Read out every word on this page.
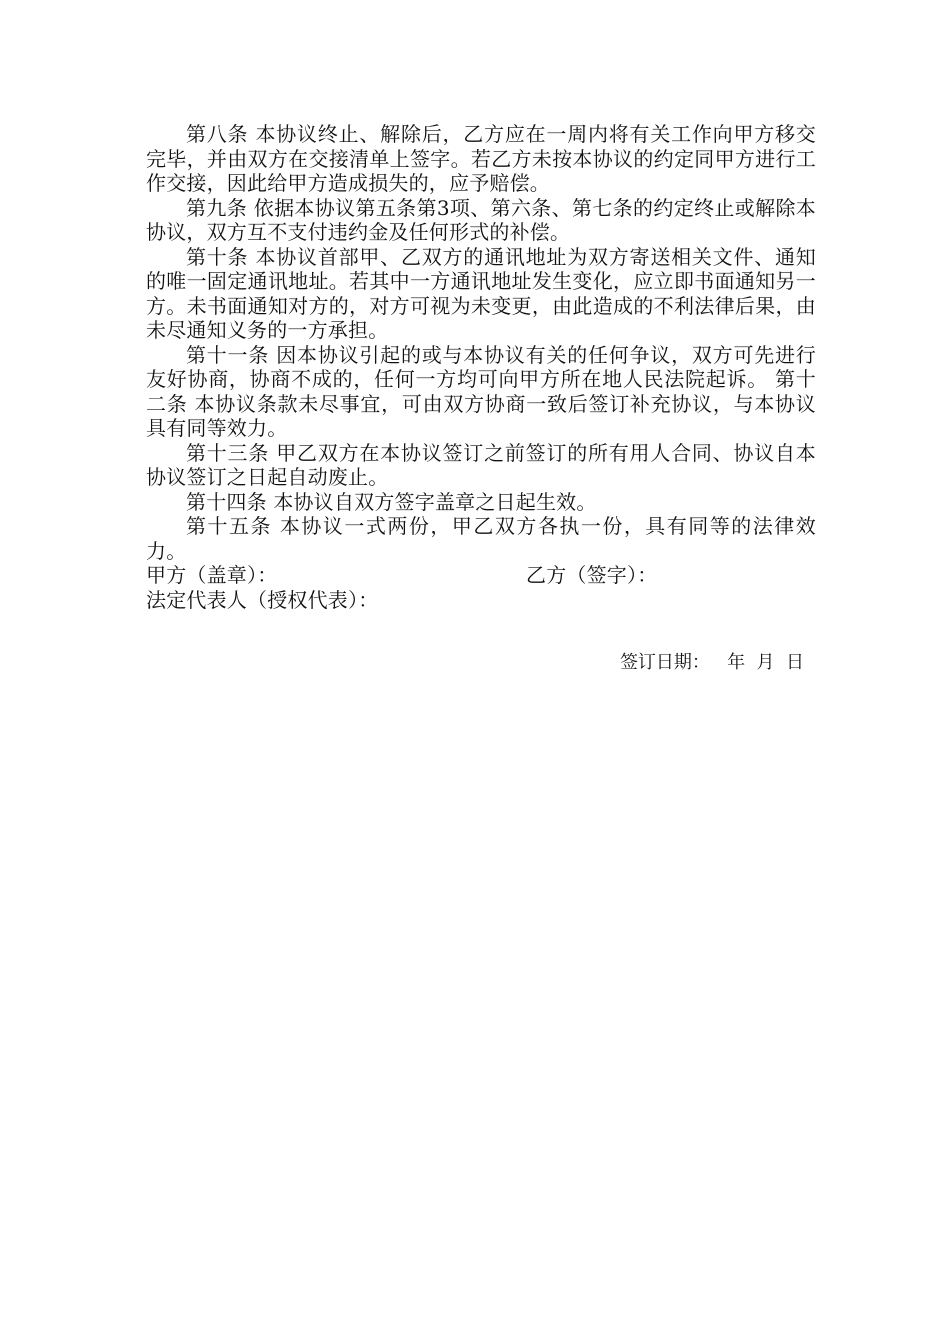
第八条 本协议终止、解除后，乙方应在一周内将有关工作向甲方移交完毕，并由双方在交接清单上签字。若乙方未按本协议的约定同甲方进行工作交接，因此给甲方造成损失的，应予赔偿。

第九条 依据本协议第五条第3项、第六条、第七条的约定终止或解除本协议，双方互不支付违约金及任何形式的补偿。

第十条 本协议首部甲、乙双方的通讯地址为双方寄送相关文件、通知的唯一固定通讯地址。若其中一方通讯地址发生变化，应立即书面通知另一方。未书面通知对方的，对方可视为未变更，由此造成的不利法律后果，由未尽通知义务的一方承担。

第十一条 因本协议引起的或与本协议有关的任何争议，双方可先进行友好协商，协商不成的，任何一方均可向甲方所在地人民法院起诉。 第十二条 本协议条款未尽事宜，可由双方协商一致后签订补充协议，与本协议具有同等效力。

第十三条 甲乙双方在本协议签订之前签订的所有用人合同、协议自本协议签订之日起自动废止。

第十四条 本协议自双方签字盖章之日起生效。

第十五条 本协议一式两份，甲乙双方各执一份，具有同等的法律效力。

甲方（盖章）：	乙方（签字）：
法定代表人（授权代表）：
签订日期：   年  月  日
